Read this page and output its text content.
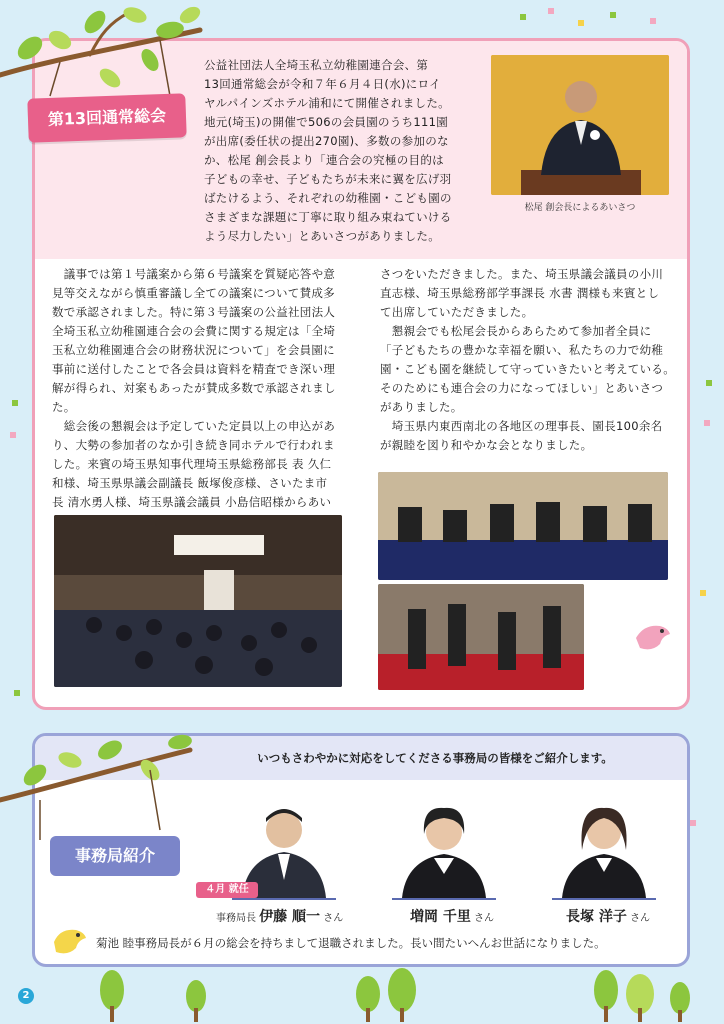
第13回通常総会
公益社団法人全埼玉私立幼稚園連合会、第
13回通常総会が令和７年６月４日(水)にロイ
ヤルパインズホテル浦和にて開催されました。
地元(埼玉)の開催で506の会員園のうち111園
が出席(委任状の提出270園)、多数の参加のな
か、松尾 創会長より「連合会の究極の目的は
子どもの幸せ、子どもたちが未来に翼を広げ羽
ばたけるよう、それぞれの幼稚園・こども園の
さまざまな課題に丁寧に取り組み束ねていける
よう尽力したい」とあいさつがありました。
松尾 創会長によるあいさつ
　議事では第１号議案から第６号議案を質疑応答や意
見等交えながら慎重審議し全ての議案について賛成多
数で承認されました。特に第３号議案の公益社団法人
全埼玉私立幼稚園連合会の会費に関する規定は「全埼
玉私立幼稚園連合会の財務状況について」を会員園に
事前に送付したことで各会員は資料を精査でき深い理
解が得られ、対案もあったが賛成多数で承認されました。
　総会後の懇親会は予定していた定員以上の申込があ
り、大勢の参加者のなか引き続き同ホテルで行われま
した。来賓の埼玉県知事代理埼玉県総務部長 表 久仁
和様、埼玉県県議会副議長 飯塚俊彦様、さいたま市
長 清水勇人様、埼玉県議会議員 小島信昭様からあい
さつをいただきました。また、埼玉県議会議員の小川
直志様、埼玉県総務部学事課長 水書 潤様も来賓とし
て出席していただきました。
　懇親会でも松尾会長からあらためて参加者全員に
「子どもたちの豊かな幸福を願い、私たちの力で幼稚
園・こども園を継続して守っていきたいと考えている。
そのためにも連合会の力になってほしい」とあいさつ
がありました。
　埼玉県内東西南北の各地区の理事長、園長100余名
が親睦を図り和やかな会となりました。
事務局紹介
いつもさわやかに対応をしてくださる事務局の皆様をご紹介します。
４月 就任
事務局長 伊藤 順一 さん	増岡 千里 さん	長塚 洋子 さん
菊池 睦事務局長が６月の総会を持ちまして退職されました。長い間たいへんお世話になりました。
2
